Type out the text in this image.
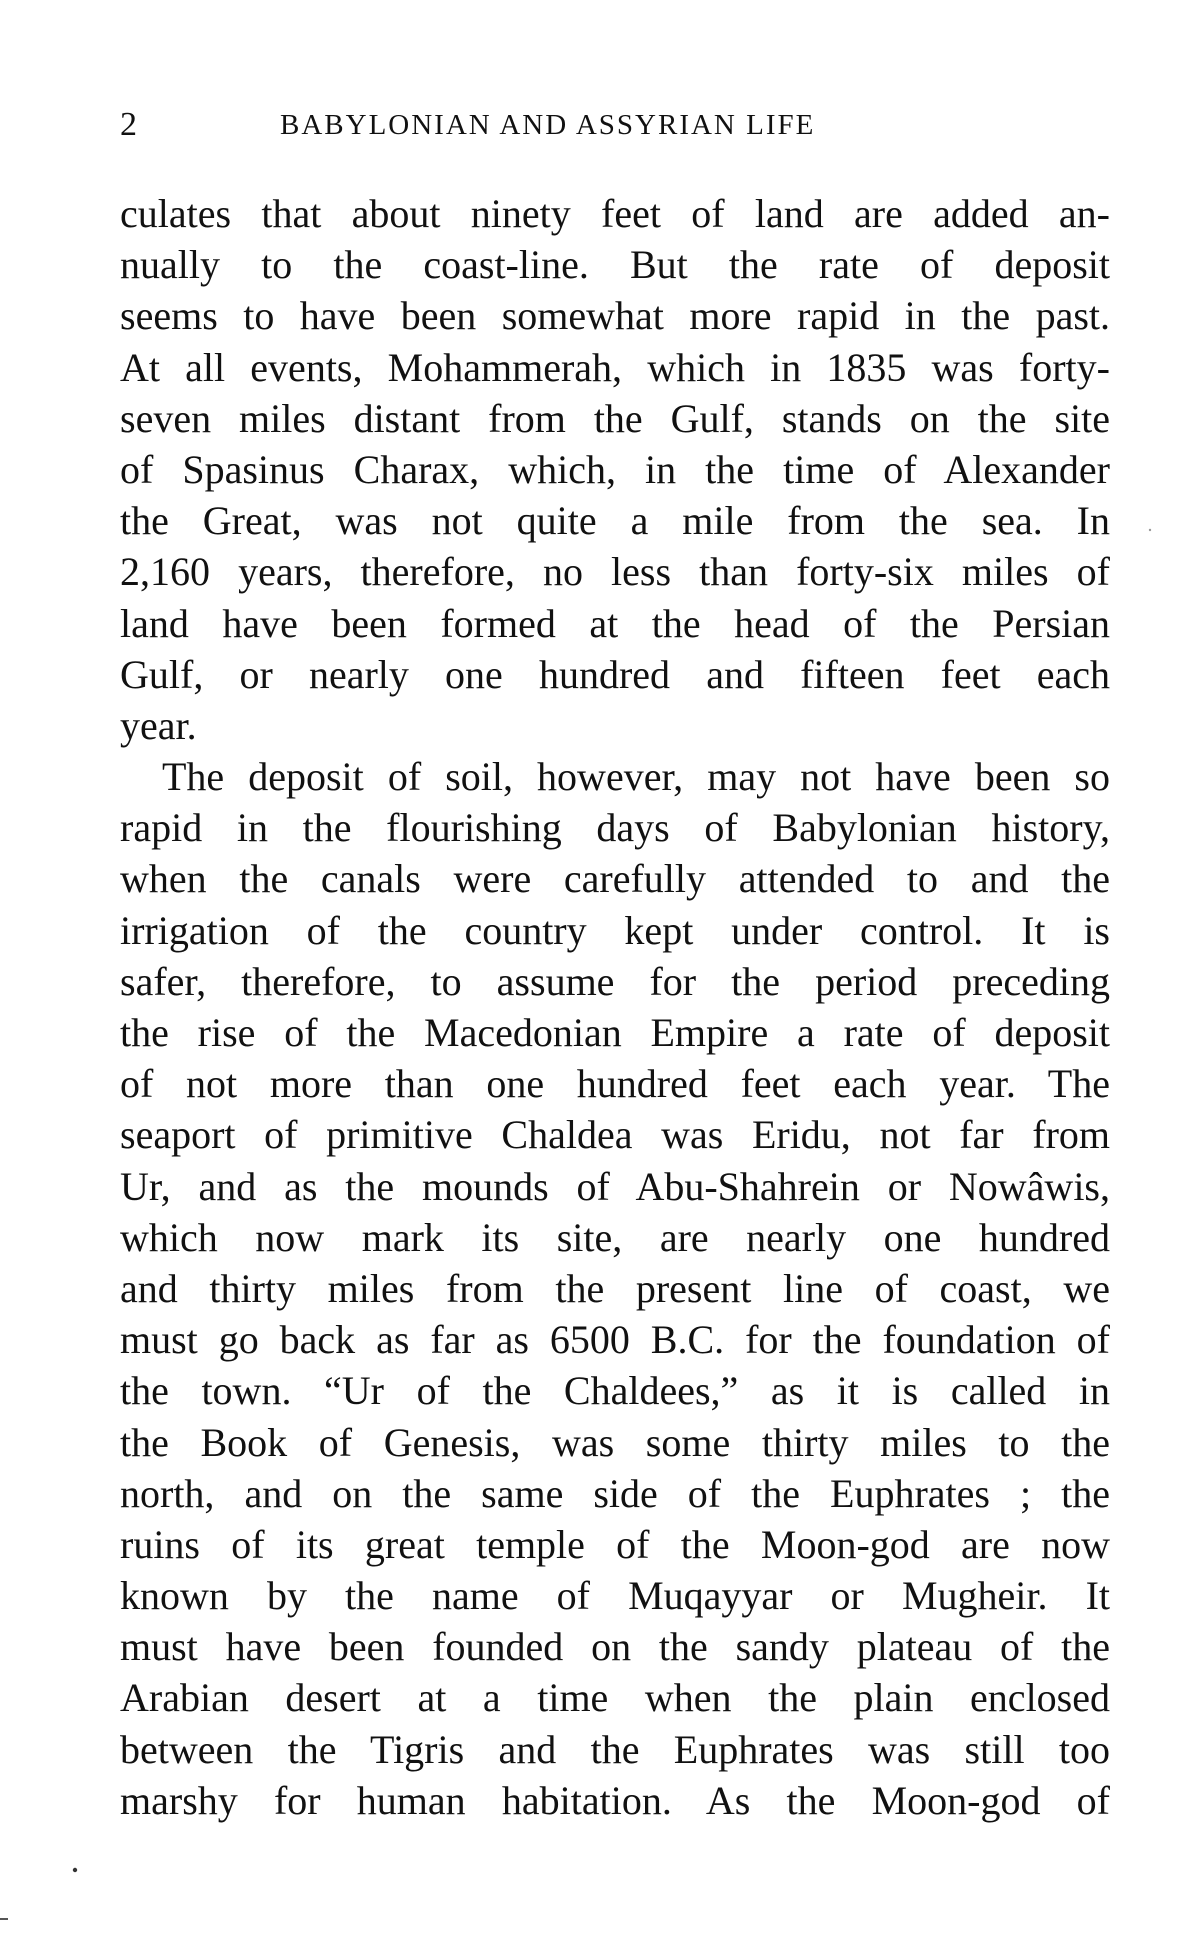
2	BABYLONIAN AND ASSYRIAN LIFE
culates that about ninety feet of land are added an-
nually to the coast-line. But the rate of deposit
seems to have been somewhat more rapid in the past.
At all events, Mohammerah, which in 1835 was forty-
seven miles distant from the Gulf, stands on the site
of Spasinus Charax, which, in the time of Alexander
the Great, was not quite a mile from the sea. In
2,160 years, therefore, no less than forty-six miles of
land have been formed at the head of the Persian
Gulf, or nearly one hundred and fifteen feet each
year.
The deposit of soil, however, may not have been so
rapid in the flourishing days of Babylonian history,
when the canals were carefully attended to and the
irrigation of the country kept under control. It is
safer, therefore, to assume for the period preceding
the rise of the Macedonian Empire a rate of deposit
of not more than one hundred feet each year. The
seaport of primitive Chaldea was Eridu, not far from
Ur, and as the mounds of Abu-Shahrein or Nowâwis,
which now mark its site, are nearly one hundred
and thirty miles from the present line of coast, we
must go back as far as 6500 B.C. for the foundation of
the town. “Ur of the Chaldees,” as it is called in
the Book of Genesis, was some thirty miles to the
north, and on the same side of the Euphrates ; the
ruins of its great temple of the Moon-god are now
known by the name of Muqayyar or Mugheir. It
must have been founded on the sandy plateau of the
Arabian desert at a time when the plain enclosed
between the Tigris and the Euphrates was still too
marshy for human habitation. As the Moon-god of
